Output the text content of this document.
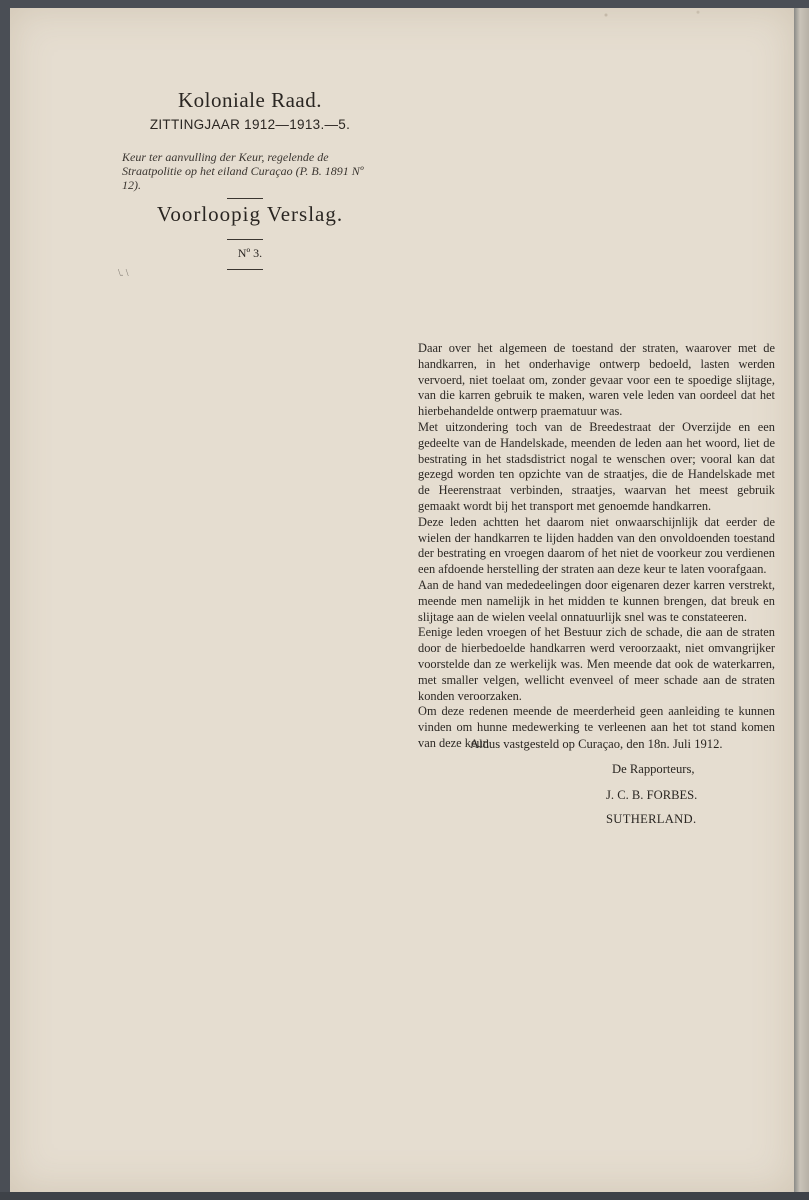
Koloniale Raad.
ZITTINGJAAR 1912—1913.—5.
Keur ter aanvulling der Keur, regelende de Straatpolitie op het eiland Curaçao (P. B. 1891 Nº 12).
Voorloopig Verslag.
Nº 3.
\. \

Daar over het algemeen de toestand der straten, waarover met de handkarren, in het onderhavige ontwerp bedoeld, lasten werden vervoerd, niet toelaat om, zonder gevaar voor een te spoedige slijtage, van die karren gebruik te maken, waren vele leden van oordeel dat het hierbehandelde ontwerp praematuur was.

Met uitzondering toch van de Breedestraat der Overzijde en een gedeelte van de Handelskade, meenden de leden aan het woord, liet de bestrating in het stadsdistrict nogal te wenschen over; vooral kan dat gezegd worden ten opzichte van de straatjes, die de Handelskade met de Heerenstraat verbinden, straatjes, waarvan het meest gebruik gemaakt wordt bij het transport met genoemde handkarren.

Deze leden achtten het daarom niet onwaarschijnlijk dat eerder de wielen der handkarren te lijden hadden van den onvoldoenden toestand der bestrating en vroegen daarom of het niet de voorkeur zou verdienen een afdoende herstelling der straten aan deze keur te laten voorafgaan.

Aan de hand van mededeelingen door eigenaren dezer karren verstrekt, meende men namelijk in het midden te kunnen brengen, dat breuk en slijtage aan de wielen veelal onnatuurlijk snel was te constateeren.

Eenige leden vroegen of het Bestuur zich de schade, die aan de straten door de hierbedoelde handkarren werd veroorzaakt, niet omvangrijker voorstelde dan ze werkelijk was. Men meende dat ook de waterkarren, met smaller velgen, wellicht evenveel of meer schade aan de straten konden veroorzaken.

Om deze redenen meende de meerderheid geen aanleiding te kunnen vinden om hunne medewerking te verleenen aan het tot stand komen van deze keur.

Aldus vastgesteld op Curaçao, den 18n. Juli 1912.
De Rapporteurs,
J. C. B. FORBES.
SUTHERLAND.
